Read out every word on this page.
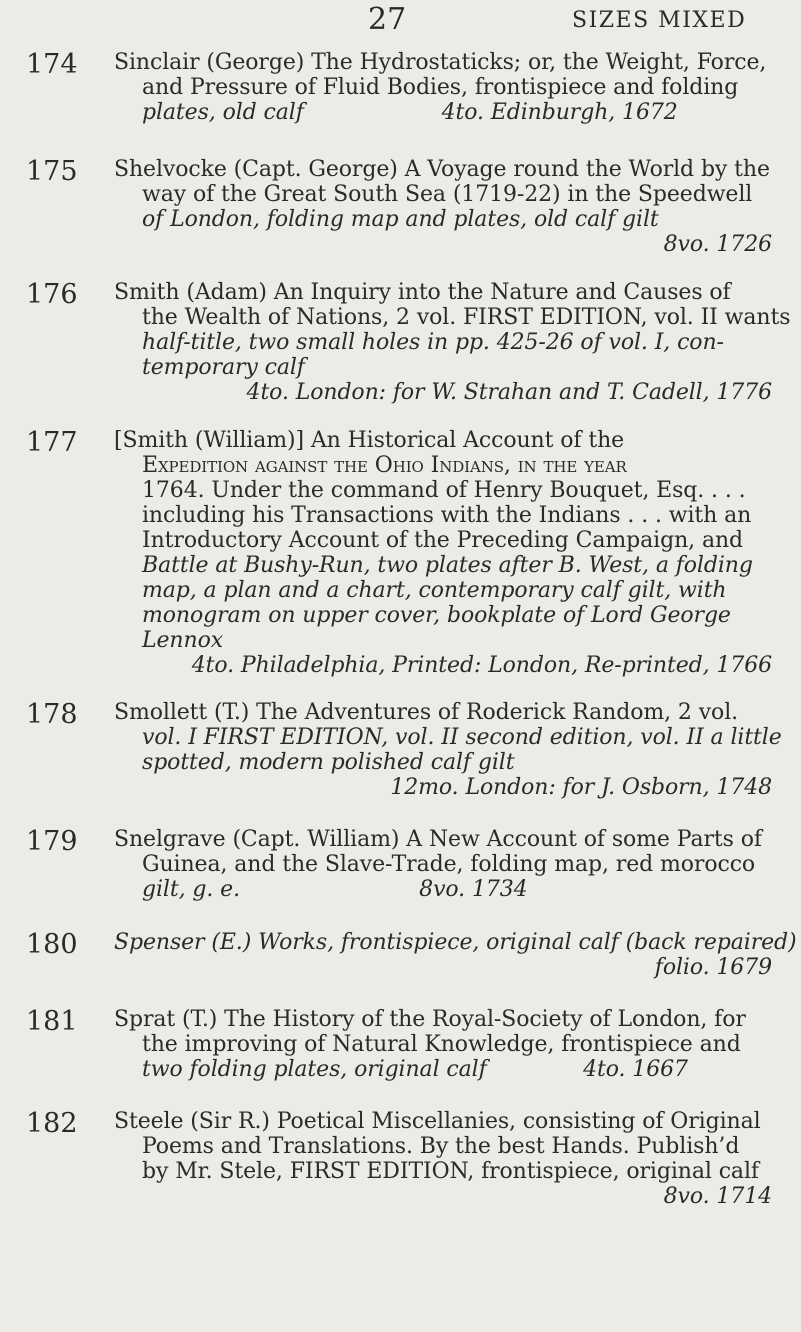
27	SIZES MIXED
174 Sinclair (George) The Hydrostaticks; or, the Weight, Force,
and Pressure of Fluid Bodies, frontispiece and folding
plates, old calf                    4to. Edinburgh, 1672
175 Shelvocke (Capt. George) A Voyage round the World by the
way of the Great South Sea (1719-22) in the Speedwell
of London, folding map and plates, old calf gilt
8vo. 1726
176 Smith (Adam) An Inquiry into the Nature and Causes of
the Wealth of Nations, 2 vol. FIRST EDITION, vol. II wants
half-title, two small holes in pp. 425-26 of vol. I, con-
temporary calf
4to. London: for W. Strahan and T. Cadell, 1776
177 [Smith (William)] An Historical Account of the
Expedition against the Ohio Indians, in the year
1764. Under the command of Henry Bouquet, Esq. . . .
including his Transactions with the Indians . . . with an
Introductory Account of the Preceding Campaign, and
Battle at Bushy-Run, two plates after B. West, a folding
map, a plan and a chart, contemporary calf gilt, with
monogram on upper cover, bookplate of Lord George
Lennox
4to. Philadelphia, Printed: London, Re-printed, 1766
178 Smollett (T.) The Adventures of Roderick Random, 2 vol.
vol. I FIRST EDITION, vol. II second edition, vol. II a little
spotted, modern polished calf gilt
12mo. London: for J. Osborn, 1748
179 Snelgrave (Capt. William) A New Account of some Parts of
Guinea, and the Slave-Trade, folding map, red morocco
gilt, g. e.                          8vo. 1734
180 Spenser (E.) Works, frontispiece, original calf (back repaired)
folio. 1679
181 Sprat (T.) The History of the Royal-Society of London, for
the improving of Natural Knowledge, frontispiece and
two folding plates, original calf              4to. 1667
182 Steele (Sir R.) Poetical Miscellanies, consisting of Original
Poems and Translations. By the best Hands. Publish’d
by Mr. Stele, FIRST EDITION, frontispiece, original calf
8vo. 1714
